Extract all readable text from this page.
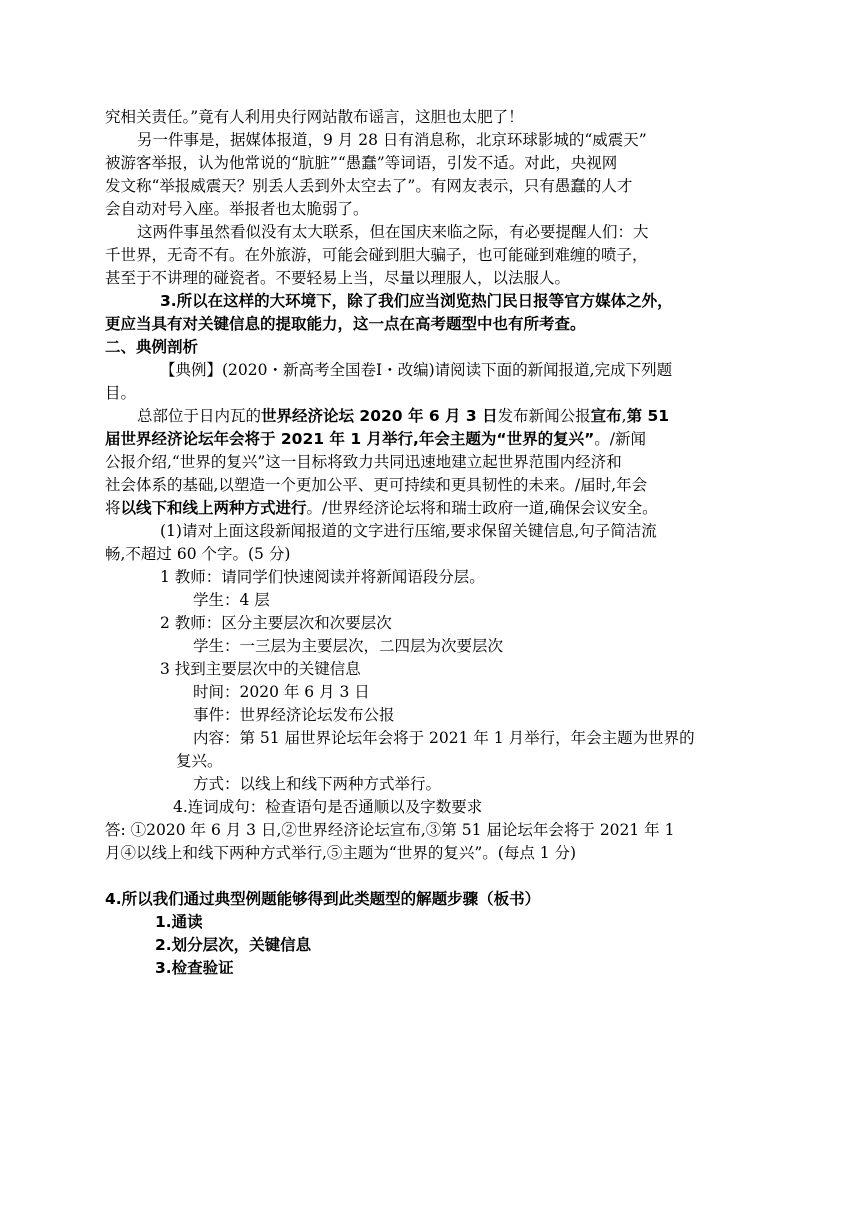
究相关责任。”竟有人利用央行网站散布谣言，这胆也太肥了！
另一件事是，据媒体报道，9 月 28 日有消息称，北京环球影城的“威震天”
被游客举报，认为他常说的“肮脏”“愚蠢”等词语，引发不适。对此，央视网
发文称“举报威震天？别丢人丢到外太空去了”。有网友表示，只有愚蠢的人才
会自动对号入座。举报者也太脆弱了。
这两件事虽然看似没有太大联系，但在国庆来临之际，有必要提醒人们：大
千世界，无奇不有。在外旅游，可能会碰到胆大骗子，也可能碰到难缠的喷子，
甚至于不讲理的碰瓷者。不要轻易上当，尽量以理服人，以法服人。
3.所以在这样的大环境下，除了我们应当浏览热门民日报等官方媒体之外，
更应当具有对关键信息的提取能力，这一点在高考题型中也有所考查。
二、典例剖析
【典例】(2020・新高考全国卷Ⅰ・改编)请阅读下面的新闻报道,完成下列题
目。
总部位于日内瓦的世界经济论坛 2020 年 6 月 3 日发布新闻公报宣布,第 51
届世界经济论坛年会将于 2021 年 1 月举行,年会主题为“世界的复兴”。/新闻
公报介绍,“世界的复兴”这一目标将致力共同迅速地建立起世界范围内经济和
社会体系的基础,以塑造一个更加公平、更可持续和更具韧性的未来。/届时,年会
将以线下和线上两种方式进行。/世界经济论坛将和瑞士政府一道,确保会议安全。
(1)请对上面这段新闻报道的文字进行压缩,要求保留关键信息,句子简洁流
畅,不超过 60 个字。(5 分)
1 教师：请同学们快速阅读并将新闻语段分层。
学生：4 层
2 教师：区分主要层次和次要层次
学生：一三层为主要层次，二四层为次要层次
3 找到主要层次中的关键信息
时间：2020 年 6 月 3 日
事件：世界经济论坛发布公报
内容：第 51 届世界论坛年会将于 2021 年 1 月举行，年会主题为世界的
复兴。
方式：以线上和线下两种方式举行。
4.连词成句：检查语句是否通顺以及字数要求
答: ①2020 年 6 月 3 日,②世界经济论坛宣布,③第 51 届论坛年会将于 2021 年 1
月④以线上和线下两种方式举行,⑤主题为“世界的复兴”。(每点 1 分)
4.所以我们通过典型例题能够得到此类题型的解题步骤（板书）
1.通读
2.划分层次，关键信息
3.检查验证
